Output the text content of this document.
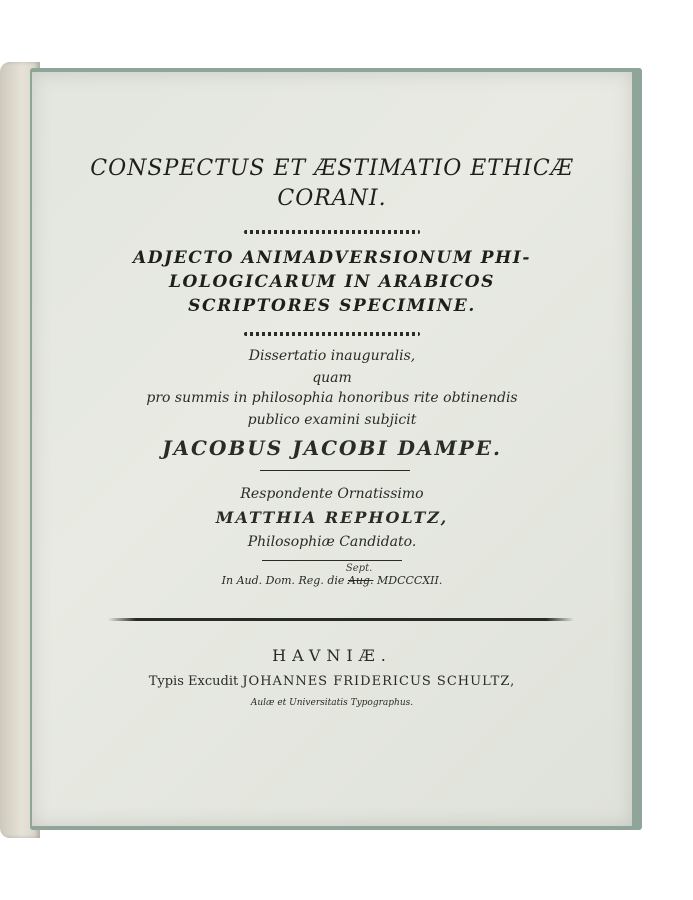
CONSPECTUS ET ÆSTIMATIO ETHICÆ
CORANI.
ADJECTO ANIMADVERSIONUM PHI-
LOLOGICARUM IN ARABICOS
SCRIPTORES SPECIMINE.
Dissertatio inauguralis,
quam
pro summis in philosophia honoribus rite obtinendis
publico examini subjicit
JACOBUS JACOBI DAMPE.
Respondente Ornatissimo
MATTHIA REPHOLTZ,
Philosophiæ Candidato.
In Aud. Dom. Reg. die
Sept.
Aug. MDCCCXII.
HAVNIÆ.
Typis Excudit JOHANNES FRIDERICUS SCHULTZ,
Aulæ et Universitatis Typographus.
